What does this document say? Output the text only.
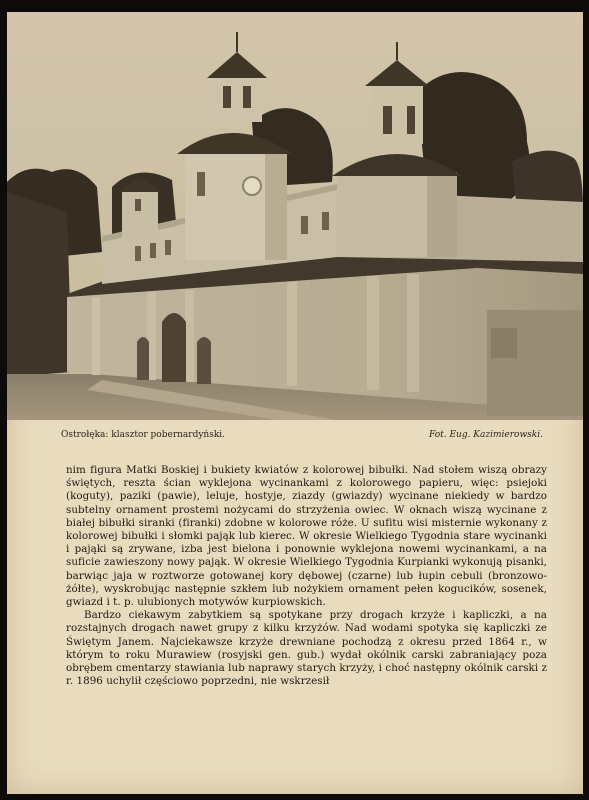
Ostrołęka: klasztor pobernardyński.	Fot. Eug. Kazimierowski.

nim figura Matki Boskiej i bukiety kwiatów z kolorowej bibułki. Nad stołem wiszą obrazy świętych, reszta ścian wyklejona wycinankami z kolorowego papieru, więc: psiejoki (koguty), paziki (pawie), leluje, hostyje, ziazdy (gwiazdy) wycinane niekiedy w bardzo subtelny ornament prostemi nożycami do strzyżenia owiec. W oknach wiszą wycinane z białej bibułki siranki (firanki) zdobne w kolorowe róże. U sufitu wisi misternie wykonany z kolorowej bibułki i słomki pająk lub kierec. W okresie Wielkiego Tygodnia stare wycinanki i pająki są zrywane, izba jest bielona i ponownie wyklejona nowemi wycinankami, a na suficie zawieszony nowy pająk. W okresie Wielkiego Tygodnia Kurpianki wykonują pisanki, barwiąc jaja w roztworze gotowanej kory dębowej (czarne) lub łupin cebuli (bronzowo-żółte), wyskrobując następnie szkłem lub nożykiem ornament pełen kogucików, sosenek, gwiazd i t. p. ulubionych motywów kurpiowskich.

Bardzo ciekawym zabytkiem są spotykane przy drogach krzyże i kapliczki, a na rozstajnych drogach nawet grupy z kilku krzyżów. Nad wodami spotyka się kapliczki ze Świętym Janem. Najciekawsze krzyże drewniane pochodzą z okresu przed 1864 r., w którym to roku Murawiew (rosyjski gen. gub.) wydał okólnik carski zabraniający poza obrębem cmentarzy stawiania lub naprawy starych krzyży, i choć następny okólnik carski z r. 1896 uchylił częściowo poprzedni, nie wskrzesił
